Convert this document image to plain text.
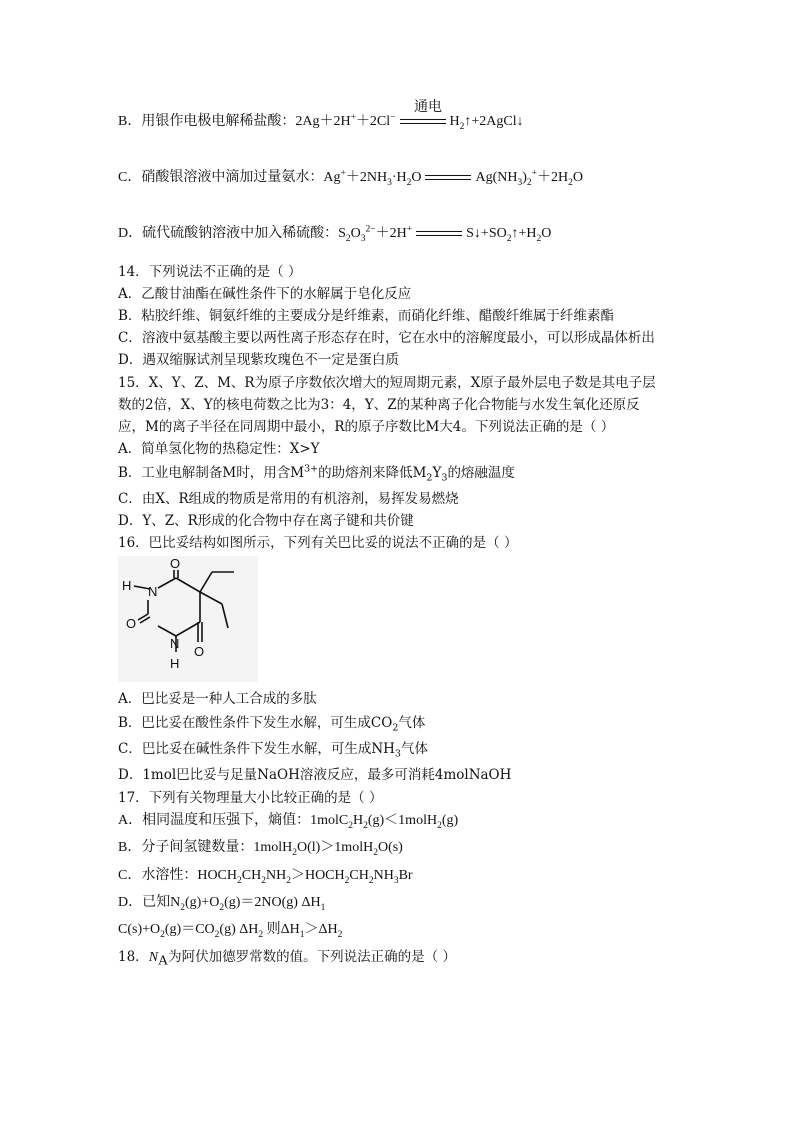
B．用银作电极电解稀盐酸：2Ag＋2H+＋2Cl−	$H_2↑+2AgCl↓$
通电
C．硝酸银溶液中滴加过量氨水：$Ag^++2NH_3\cdot H_2O$	$Ag(NH_3)_2^++2H_2O$
D．硫代硫酸钠溶液中加入稀硫酸：$S_2O_3^{2-}+2H^+$	$S↓+SO_2↑+H_2O$
14．下列说法不正确的是（ ）
A．乙酸甘油酯在碱性条件下的水解属于皂化反应
B．粘胶纤维、铜氨纤维的主要成分是纤维素，而硝化纤维、醋酸纤维属于纤维素酯
C．溶液中氨基酸主要以两性离子形态存在时，它在水中的溶解度最小，可以形成晶体析出
D．遇双缩脲试剂呈现紫玫瑰色不一定是蛋白质
15．X、Y、Z、M、R为原子序数依次增大的短周期元素，X原子最外层电子数是其电子层
数的2倍，X、Y的核电荷数之比为3：4，Y、Z的某种离子化合物能与水发生氧化还原反
应，M的离子半径在同周期中最小，R的原子序数比M大4。下列说法正确的是（ ）
A．简单氢化物的热稳定性：X>Y
B．工业电解制备M时，用含$M^{3+}$的助熔剂来降低$M_2Y_3$的熔融温度
C．由X、R组成的物质是常用的有机溶剂，易挥发易燃烧
D．Y、Z、R形成的化合物中存在离子键和共价键
16．巴比妥结构如图所示，下列有关巴比妥的说法不正确的是（ ）
O
O
O
N
N
H
H
A．巴比妥是一种人工合成的多肽
B．巴比妥在酸性条件下发生水解，可生成$CO_2$气体
C．巴比妥在碱性条件下发生水解，可生成$NH_3$气体
D．1mol巴比妥与足量NaOH溶液反应，最多可消耗4molNaOH
17．下列有关物理量大小比较正确的是（ ）
A．相同温度和压强下，熵值：$1molC_2H_2(g)<1molH_2(g)$
B．分子间氢键数量：1molH$_2$O(l)＞1molH$_2$O(s)
C．水溶性：$HOCH_2CH_2NH_2>HOCH_2CH_2NH_3Br$
D．已知$N_2(g)+O_2(g)=2NO(g)$ $\Delta H_1$
$C(s)+O_2(g)=CO_2(g)$ $\Delta H_2$ 则$\Delta H_1>\Delta H_2$
18．$N_A$为阿伏加德罗常数的值。下列说法正确的是（ ）
